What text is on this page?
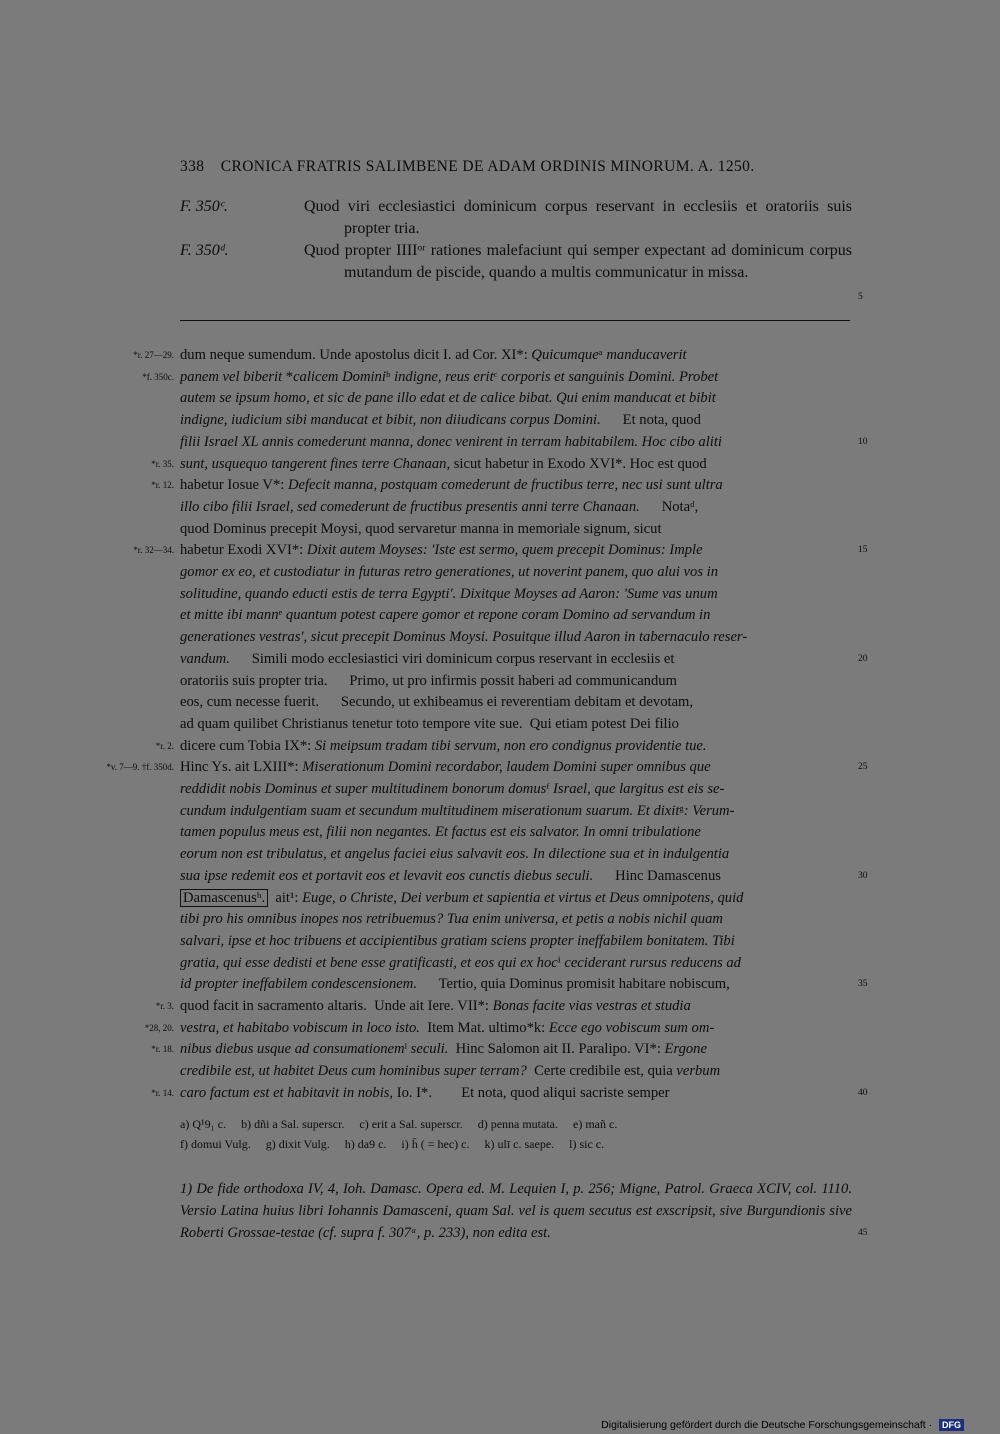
338 CRONICA FRATRIS SALIMBENE DE ADAM ORDINIS MINORUM. A. 1250.
F. 350ᶜ.	Quod viri ecclesiastici dominicum corpus reservant in ecclesiis et oratoriis suis propter tria.
F. 350ᵈ.	Quod propter IIIIᵒʳ rationes malefaciunt qui semper expectant ad dominicum corpus mutandum de piscide, quando a multis communicatur in missa.
5
dum neque sumendum. Unde apostolus dicit I. ad Cor. XI*: Quicumqueᵃ manducaverit
*r. 27—29.
panem vel biberit *calicem Dominiᵇ indigne, reus eritᶜ corporis et sanguinis Domini. Probet
*f. 350c.
autem se ipsum homo, et sic de pane illo edat et de calice bibat. Qui enim manducat et bibit
indigne, iudicium sibi manducat et bibit, non diiudicans corpus Domini.      Et nota, quod
filii Israel XL annis comederunt manna, donec venirent in terram habitabilem. Hoc cibo aliti	10
sunt, usquequo tangerent fines terre Chanaan, sicut habetur in Exodo XVI*. Hoc est quod
*r. 35.
habetur Iosue V*: Defecit manna, postquam comederunt de fructibus terre, nec usi sunt ultra
*r. 12.
illo cibo filii Israel, sed comederunt de fructibus presentis anni terre Chanaan.      Notaᵈ,
quod Dominus precepit Moysi, quod servaretur manna in memoriale signum, sicut
habetur Exodi XVI*: Dixit autem Moyses: 'Iste est sermo, quem precepit Dominus: Imple
*r. 32—34.	15
gomor ex eo, et custodiatur in futuras retro generationes, ut noverint panem, quo alui vos in
solitudine, quando educti estis de terra Egypti'. Dixitque Moyses ad Aaron: 'Sume vas unum
et mitte ibi mannᵉ quantum potest capere gomor et repone coram Domino ad servandum in
generationes vestras', sicut precepit Dominus Moysi. Posuitque illud Aaron in tabernaculo reser-
vandum.      Simili modo ecclesiastici viri dominicum corpus reservant in ecclesiis et	20
oratoriis suis propter tria.      Primo, ut pro infirmis possit haberi ad communicandum
eos, cum necesse fuerit.      Secundo, ut exhibeamus ei reverentiam debitam et devotam,
ad quam quilibet Christianus tenetur toto tempore vite sue.  Qui etiam potest Dei filio
dicere cum Tobia IX*: Si meipsum tradam tibi servum, non ero condignus providentie tue.
*r. 2.
Hinc Ys. ait LXIII*: Miserationum Domini recordabor, laudem Domini super omnibus que
*v. 7—9. †f. 350d.	25
reddidit nobis Dominus et super multitudinem bonorum domusᶠ Israel, que largitus est eis se-
cundum indulgentiam suam et secundum multitudinem miserationum suarum. Et dixitᵍ: Verum-
tamen populus meus est, filii non negantes. Et factus est eis salvator. In omni tribulatione
eorum non est tribulatus, et angelus faciei eius salvavit eos. In dilectione sua et in indulgentia
sua ipse redemit eos et portavit eos et levavit eos cunctis diebus seculi.      Hinc Damascenus	30
Damascenusʰ.  ait¹: Euge, o Christe, Dei verbum et sapientia et virtus et Deus omnipotens, quid
tibi pro his omnibus inopes nos retribuemus? Tua enim universa, et petis a nobis nichil quam
salvari, ipse et hoc tribuens et accipientibus gratiam sciens propter ineffabilem bonitatem. Tibi
gratia, qui esse dedisti et bene esse gratificasti, et eos qui ex hocⁱ ceciderant rursus reducens ad
id propter ineffabilem condescensionem.      Tertio, quia Dominus promisit habitare nobiscum,	35
quod facit in sacramento altaris.  Unde ait Iere. VII*: Bonas facite vias vestras et studia
*r. 3.
vestra, et habitabo vobiscum in loco isto.  Item Mat. ultimo*k: Ecce ego vobiscum sum om-
*28, 20.
nibus diebus usque ad consumationemˡ seculi.  Hinc Salomon ait II. Paralipo. VI*: Ergone
*r. 18.
credibile est, ut habitet Deus cum hominibus super terram?  Certe credibile est, quia verbum
caro factum est et habitavit in nobis, Io. I*.        Et nota, quod aliqui sacriste semper
*r. 14.	40
a) Q¹9₁ c.     b) dñi a Sal. superscr.     c) erit a Sal. superscr.     d) penna mutata.     e) mañ c.
f) domui Vulg.     g) dixit Vulg.     h) da9 c.     i) h̄ ( = hec) c.     k) ulī c. saepe.     l) sic c.
1) De fide orthodoxa IV, 4, Ioh. Damasc. Opera ed. M. Lequien I, p. 256; Migne, Patrol. Graeca XCIV, col. 1110. Versio Latina huius libri Iohannis Damasceni, quam Sal. vel is quem secutus est exscripsit, sive Burgundionis sive Roberti Grossae-testae (cf. supra f. 307ᵃ, p. 233), non edita est.	45
Digitalisierung gefördert durch die Deutsche Forschungsgemeinschaft · DFG
